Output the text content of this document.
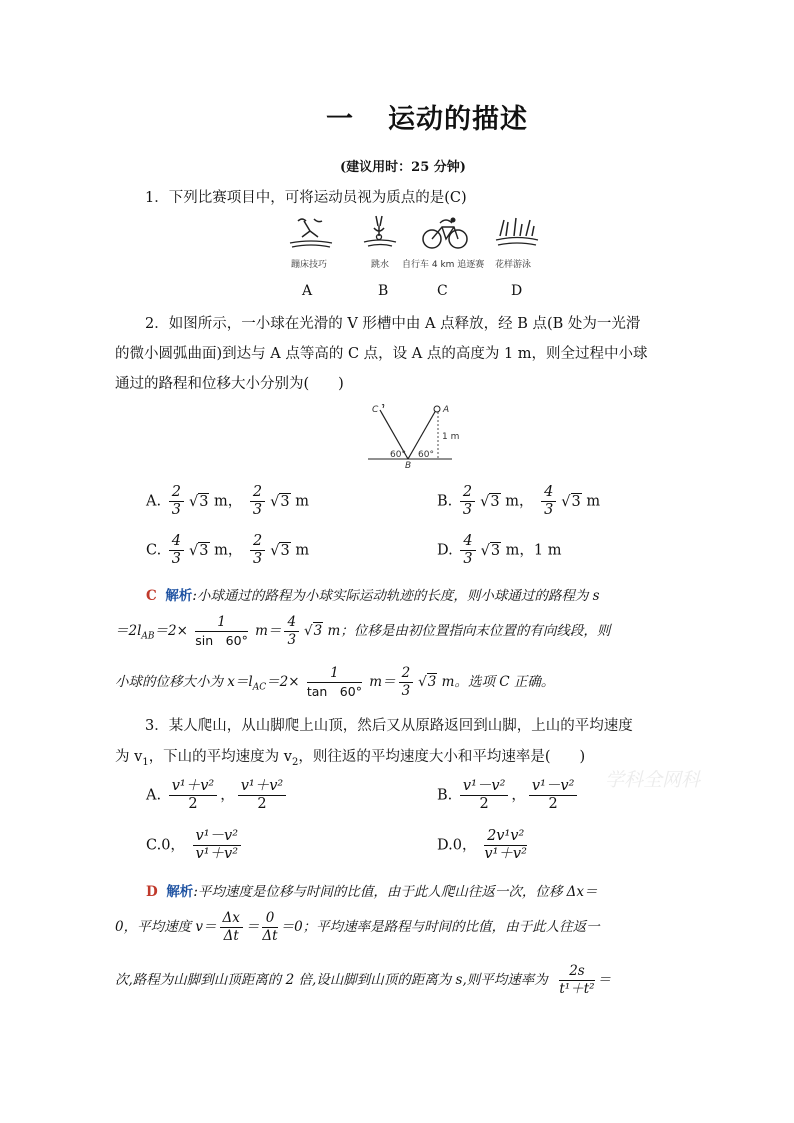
一 运动的描述
(建议用时：25 分钟)
1．下列比赛项目中，可将运动员视为质点的是(C)
蹦床技巧	跳水 自行车 4 km 追逐赛 花样游泳
A	B	C	D
2．如图所示，一小球在光滑的 V 形槽中由 A 点释放，经 B 点(B 处为一光滑
的微小圆弧曲面)到达与 A 点等高的 C 点，设 A 点的高度为 1 m，则全过程中小球
通过的路程和位移大小分别为(　　)
C	A
1 m
60° 60°
B
A. $\frac{2}{3} √3$ m， $\frac{2}{3} √3$ m	B. $\frac{2}{3} √3$ m， $\frac{4}{3} √3$ m
C. $\frac{4}{3} √3$ m， $\frac{2}{3} √3$ m	D. $\frac{4}{3} √3$ m，1 m
C 解析:小球通过的路程为小球实际运动轨迹的长度，则小球通过的路程为 s
$=2l_{AB}=2\times \frac{1}{\sin 60^\circ} m= \frac{4}{3} √3$ m；位移是由初位置指向末位置的有向线段，则
小球的位移大小为 $x=l_{AC}=2\times \frac{1}{\tan 60^\circ} m= \frac{2}{3} √3$ m。选项 C 正确。
3．某人爬山，从山脚爬上山顶，然后又从原路返回到山脚，上山的平均速度
为 $v_1$，下山的平均速度为 $v_2$，则往返的平均速度大小和平均速率是(　　)
学科全网科
A. $\frac{\text{v¹＋v²}}{2}$ ， $\frac{\text{v¹＋v²}}{2}$	B. $\frac{\text{v¹－v²}}{2}$ ， $\frac{\text{v¹－v²}}{2}$
C.0， $\frac{\text{v¹－v²}}{\text{v¹＋v²}}$	D.0， $\frac{\text{2v¹v²}}{\text{v¹＋v²}}$
D 解析:平均速度是位移与时间的比值，由于此人爬山往返一次，位移 Δx＝
0，平均速度 $v= \frac{\Delta x}{\Delta t} = \frac{0}{\Delta t} =0$；平均速率是路程与时间的比值，由于此人往返一
次,路程为山脚到山顶距离的 2 倍,设山脚到山顶的距离为 s,则平均速率为 $\frac{2s}{\text{t¹＋t²}}$ ＝
